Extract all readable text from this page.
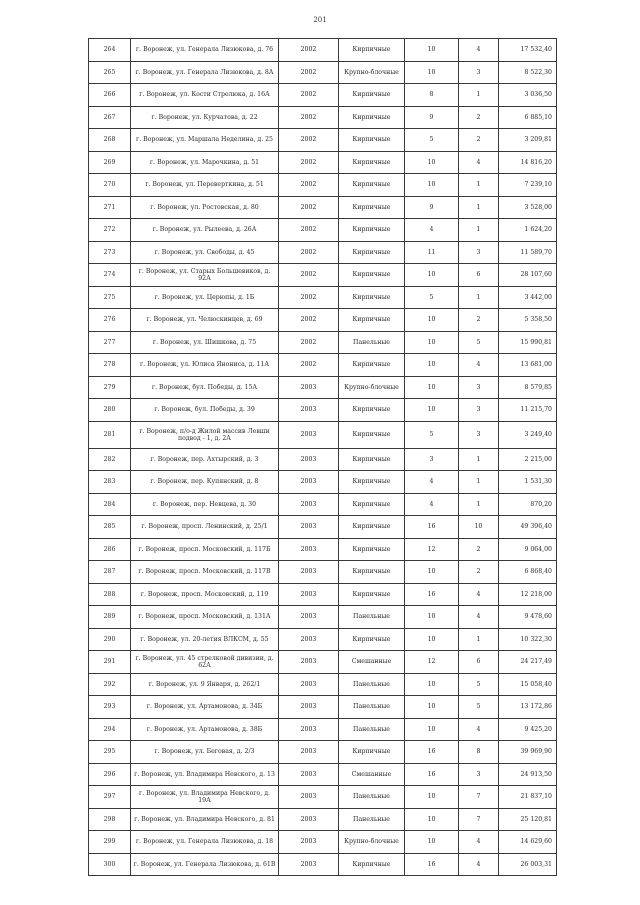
201
264	г. Воронеж, ул. Генерала Лизюкова, д. 76	2002	Кирпичные	10	4	17 532,40
265	г. Воронеж, ул. Генерала Лизюкова, д. 8А	2002	Крупно-блочные	10	3	8 522,30
266	г. Воронеж, ул. Кости Стрелюка, д. 16А	2002	Кирпичные	8	1	3 036,50
267	г. Воронеж, ул. Курчатова, д. 22	2002	Кирпичные	9	2	6 885,10
268	г. Воронеж, ул. Маршала Неделина, д. 25	2002	Кирпичные	5	2	3 209,81
269	г. Воронеж, ул. Марочкина, д. 51	2002	Кирпичные	10	4	14 816,20
270	г. Воронеж, ул. Переверткина, д. 51	2002	Кирпичные	10	1	7 239,10
271	г. Воронеж, ул. Ростовская, д. 80	2002	Кирпичные	9	1	3 528,00
272	г. Воронеж, ул. Рылеева, д. 26А	2002	Кирпичные	4	1	1 624,20
273	г. Воронеж, ул. Свободы, д. 45	2002	Кирпичные	11	3	11 589,70
274	г. Воронеж, ул. Старых Большевиков, д. 92А	2002	Кирпичные	10	6	28 107,60
275	г. Воронеж, ул. Церюпы, д. 1Б	2002	Кирпичные	5	1	3 442,00
276	г. Воронеж, ул. Челюскинцев, д. 69	2002	Кирпичные	10	2	5 358,50
277	г. Воронеж, ул. Шишкова, д. 75	2002	Панельные	10	5	15 990,81
278	г. Воронеж, ул. Юлиса Янониса, д. 11А	2002	Кирпичные	10	4	13 681,00
279	г. Воронеж, бул. Победы, д. 15А	2003	Крупно-блочные	10	3	8 579,85
280	г. Воронеж, бул. Победы, д. 39	2003	Кирпичные	10	3	11 215,70
281	г. Воронеж, п/о-д Жилой массив Левши подвод - 1, д. 2А	2003	Кирпичные	5	3	3 249,40
282	г. Воронеж, пер. Ахтырский, д. 3	2003	Кирпичные	3	1	2 215,00
283	г. Воронеж, пер. Купянский, д. 8	2003	Кирпичные	4	1	1 531,30
284	г. Воронеж, пер. Невцева, д. 30	2003	Кирпичные	4	1	870,20
285	г. Воронеж, просп. Ленинский, д. 25/1	2003	Кирпичные	16	10	49 396,40
286	г. Воронеж, просп. Московский, д. 117Б	2003	Кирпичные	12	2	9 064,00
287	г. Воронеж, просп. Московский, д. 117В	2003	Кирпичные	10	2	6 868,40
288	г. Воронеж, просп. Московский, д. 119	2003	Кирпичные	16	4	12 218,00
289	г. Воронеж, просп. Московский, д. 131А	2003	Панельные	10	4	9 478,60
290	г. Воронеж, ул. 20-летия ВЛКСМ, д. 55	2003	Кирпичные	10	1	10 322,30
291	г. Воронеж, ул. 45 стрелковой дивизии, д. 62А	2003	Смешанные	12	6	24 217,49
292	г. Воронеж, ул. 9 Января, д. 262/1	2003	Панельные	10	5	15 058,40
293	г. Воронеж, ул. Артамонова, д. 34Б	2003	Панельные	10	5	13 172,86
294	г. Воронеж, ул. Артамонова, д. 38Б	2003	Панельные	10	4	9 425,20
295	г. Воронеж, ул. Беговая, д. 2/3	2003	Кирпичные	16	8	39 969,90
296	г. Воронеж, ул. Владимира Невского, д. 13	2003	Смешанные	16	3	24 913,50
297	г. Воронеж, ул. Владимира Невского, д. 19А	2003	Панельные	10	7	21 837,10
298	г. Воронеж, ул. Владимира Невского, д. 81	2003	Панельные	10	7	25 120,81
299	г. Воронеж, ул. Генерала Лизюкова, д. 18	2003	Крупно-блочные	10	4	14 629,60
300	г. Воронеж, ул. Генерала Лизюкова, д. 61В	2003	Кирпичные	16	4	26 003,31
